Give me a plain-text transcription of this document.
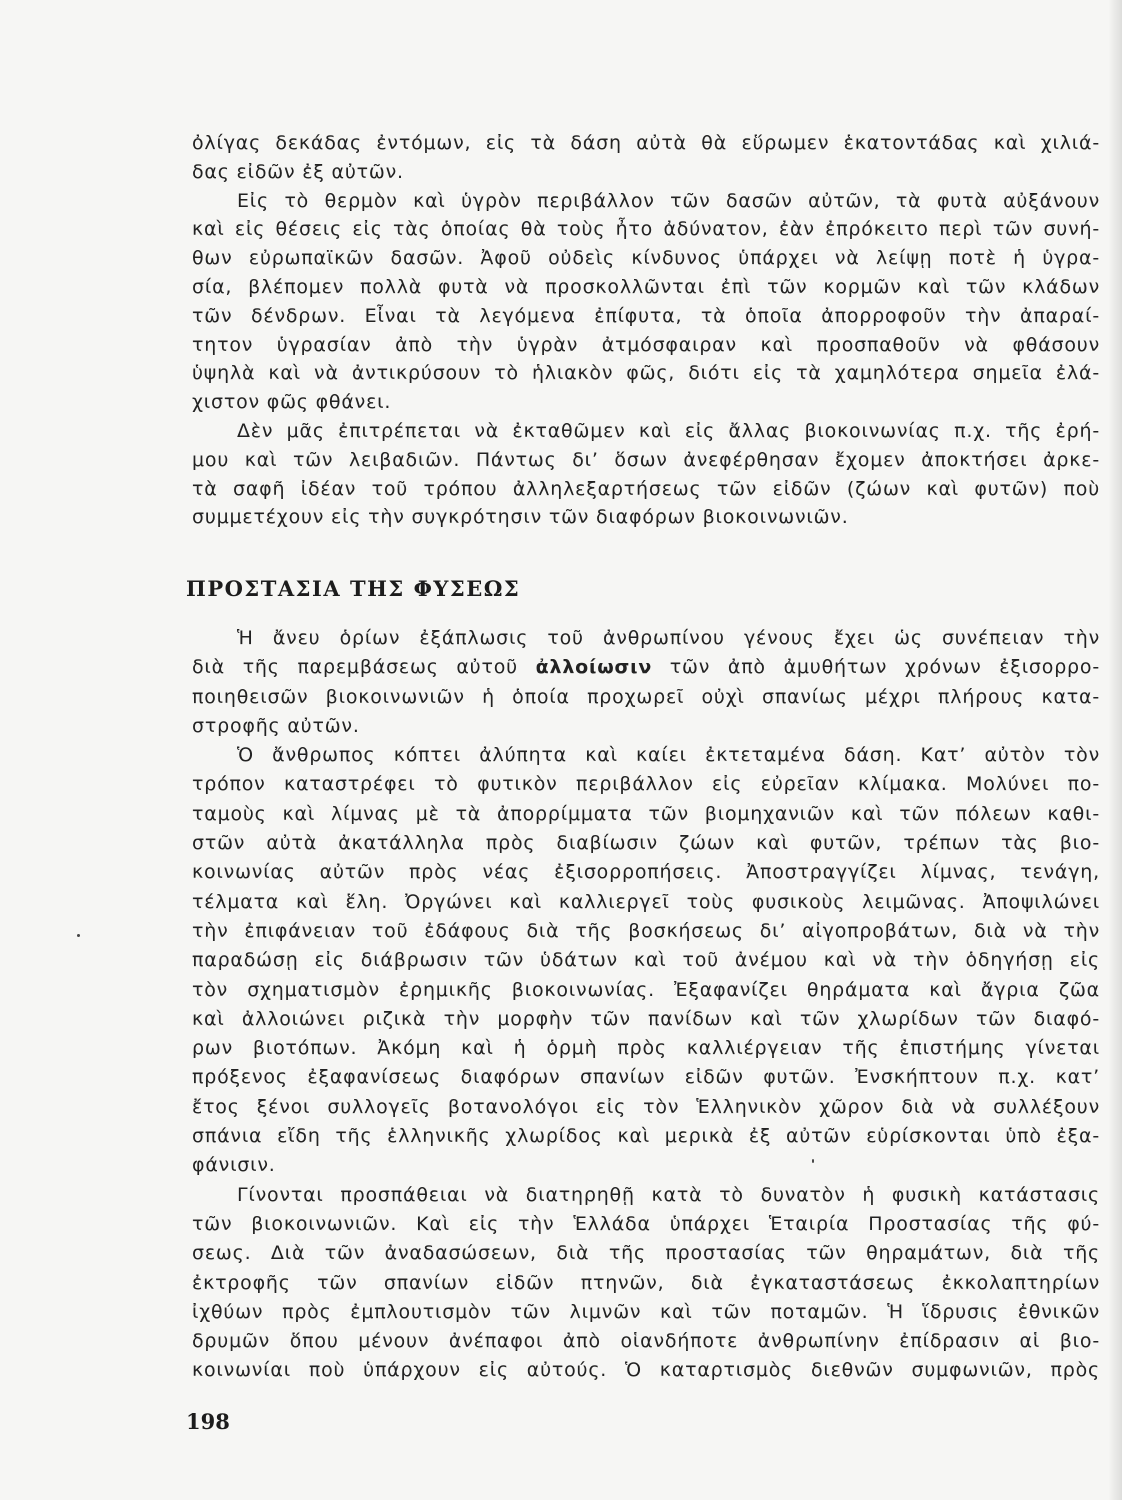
ὀλίγας δεκάδας ἐντόμων, εἰς τὰ δάση αὐτὰ θὰ εὕρωμεν ἑκατοντάδας καὶ χιλιά-
δας εἰδῶν ἐξ αὐτῶν.
Εἰς τὸ θερμὸν καὶ ὑγρὸν περιβάλλον τῶν δασῶν αὐτῶν, τὰ φυτὰ αὐξάνουν
καὶ εἰς θέσεις εἰς τὰς ὁποίας θὰ τοὺς ἦτο ἀδύνατον, ἐὰν ἐπρόκειτο περὶ τῶν συνή-
θων εὐρωπαϊκῶν δασῶν. Ἀφοῦ οὐδεὶς κίνδυνος ὑπάρχει νὰ λείψῃ ποτὲ ἡ ὑγρα-
σία, βλέπομεν πολλὰ φυτὰ νὰ προσκολλῶνται ἐπὶ τῶν κορμῶν καὶ τῶν κλάδων
τῶν δένδρων. Εἶναι τὰ λεγόμενα ἐπίφυτα, τὰ ὁποῖα ἀπορροφοῦν τὴν ἀπαραί-
τητον ὑγρασίαν ἀπὸ τὴν ὑγρὰν ἀτμόσφαιραν καὶ προσπαθοῦν νὰ φθάσουν
ὑψηλὰ καὶ νὰ ἀντικρύσουν τὸ ἡλιακὸν φῶς, διότι εἰς τὰ χαμηλότερα σημεῖα ἐλά-
χιστον φῶς φθάνει.
Δὲν μᾶς ἐπιτρέπεται νὰ ἐκταθῶμεν καὶ εἰς ἄλλας βιοκοινωνίας π.χ. τῆς ἐρή-
μου καὶ τῶν λειβαδιῶν. Πάντως δι’ ὅσων ἀνεφέρθησαν ἔχομεν ἀποκτήσει ἀρκε-
τὰ σαφῆ ἰδέαν τοῦ τρόπου ἀλληλεξαρτήσεως τῶν εἰδῶν (ζώων καὶ φυτῶν) ποὺ
συμμετέχουν εἰς τὴν συγκρότησιν τῶν διαφόρων βιοκοινωνιῶν.
ΠΡΟΣΤΑΣΙΑ ΤΗΣ ΦΥΣΕΩΣ
Ἡ ἄνευ ὁρίων ἐξάπλωσις τοῦ ἀνθρωπίνου γένους ἔχει ὡς συνέπειαν τὴν
διὰ τῆς παρεμβάσεως αὐτοῦ ἀλλοίωσιν τῶν ἀπὸ ἀμυθήτων χρόνων ἐξισορρο-
ποιηθεισῶν βιοκοινωνιῶν ἡ ὁποία προχωρεῖ οὐχὶ σπανίως μέχρι πλήρους κατα-
στροφῆς αὐτῶν.
Ὁ ἄνθρωπος κόπτει ἀλύπητα καὶ καίει ἐκτεταμένα δάση. Κατ’ αὐτὸν τὸν
τρόπον καταστρέφει τὸ φυτικὸν περιβάλλον εἰς εὐρεῖαν κλίμακα. Μολύνει πο-
ταμοὺς καὶ λίμνας μὲ τὰ ἀπορρίμματα τῶν βιομηχανιῶν καὶ τῶν πόλεων καθι-
στῶν αὐτὰ ἀκατάλληλα πρὸς διαβίωσιν ζώων καὶ φυτῶν, τρέπων τὰς βιο-
κοινωνίας αὐτῶν πρὸς νέας ἐξισορροπήσεις. Ἀποστραγγίζει λίμνας, τενάγη,
τέλματα καὶ ἕλη. Ὀργώνει καὶ καλλιεργεῖ τοὺς φυσικοὺς λειμῶνας. Ἀποψιλώνει
τὴν ἐπιφάνειαν τοῦ ἐδάφους διὰ τῆς βοσκήσεως δι’ αἰγοπροβάτων, διὰ νὰ τὴν
παραδώσῃ εἰς διάβρωσιν τῶν ὑδάτων καὶ τοῦ ἀνέμου καὶ νὰ τὴν ὁδηγήσῃ εἰς
τὸν σχηματισμὸν ἐρημικῆς βιοκοινωνίας. Ἐξαφανίζει θηράματα καὶ ἄγρια ζῶα
καὶ ἀλλοιώνει ριζικὰ τὴν μορφὴν τῶν πανίδων καὶ τῶν χλωρίδων τῶν διαφό-
ρων βιοτόπων. Ἀκόμη καὶ ἡ ὁρμὴ πρὸς καλλιέργειαν τῆς ἐπιστήμης γίνεται
πρόξενος ἐξαφανίσεως διαφόρων σπανίων εἰδῶν φυτῶν. Ἐνσκήπτουν π.χ. κατ’
ἔτος ξένοι συλλογεῖς βοτανολόγοι εἰς τὸν Ἑλληνικὸν χῶρον διὰ νὰ συλλέξουν
σπάνια εἴδη τῆς ἑλληνικῆς χλωρίδος καὶ μερικὰ ἐξ αὐτῶν εὑρίσκονται ὑπὸ ἐξα-
φάνισιν.
Γίνονται προσπάθειαι νὰ διατηρηθῇ κατὰ τὸ δυνατὸν ἡ φυσικὴ κατάστασις
τῶν βιοκοινωνιῶν. Καὶ εἰς τὴν Ἑλλάδα ὑπάρχει Ἑταιρία Προστασίας τῆς φύ-
σεως. Διὰ τῶν ἀναδασώσεων, διὰ τῆς προστασίας τῶν θηραμάτων, διὰ τῆς
ἐκτροφῆς τῶν σπανίων εἰδῶν πτηνῶν, διὰ ἐγκαταστάσεως ἐκκολαπτηρίων
ἰχθύων πρὸς ἐμπλουτισμὸν τῶν λιμνῶν καὶ τῶν ποταμῶν. Ἡ ἵδρυσις ἐθνικῶν
δρυμῶν ὅπου μένουν ἀνέπαφοι ἀπὸ οἱανδήποτε ἀνθρωπίνην ἐπίδρασιν αἱ βιο-
κοινωνίαι ποὺ ὑπάρχουν εἰς αὐτούς. Ὁ καταρτισμὸς διεθνῶν συμφωνιῶν, πρὸς
198
